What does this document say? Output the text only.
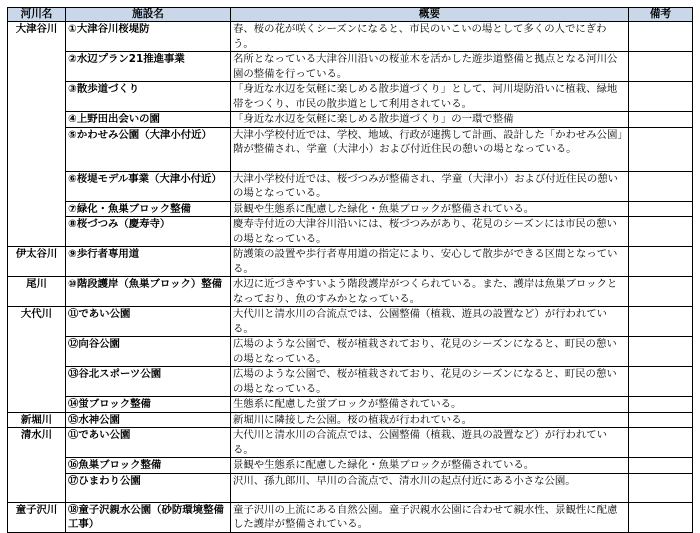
河川名	施設名	概要	備考
大津谷川	①大津谷川桜堤防	春、桜の花が咲くシーズンになると、市民のいこいの場として多くの人でにぎわう。	
	②水辺プラン21推進事業	名所となっている大津谷川沿いの桜並木を活かした遊歩道整備と拠点となる河川公園の整備を行っている。	
	③散歩道づくり	「身近な水辺を気軽に楽しめる散歩道づくり」として、河川堤防沿いに植栽、緑地帯をつくり、市民の散歩道として利用されている。	
	④上野田出会いの園	「身近な水辺を気軽に楽しめる散歩道づくり」の一環で整備	
	⑤かわせみ公園（大津小付近）	大津小学校付近では、学校、地域、行政が連携して計画、設計した「かわせみ公園」階が整備され、学童（大津小）および付近住民の憩いの場となっている。	
	⑥桜堤モデル事業（大津小付近）	大津小学校付近では、桜づつみが整備され、学童（大津小）および付近住民の憩いの場となっている。	
	⑦緑化・魚巣ブロック整備	景観や生態系に配慮した緑化・魚巣ブロックが整備されている。	
	⑧桜づつみ（慶寿寺）	慶寿寺付近の大津谷川沿いには、桜づつみがあり、花見のシーズンには市民の憩いの場となっている。	
伊太谷川	⑨歩行者専用道	防護策の設置や歩行者専用道の指定により、安心して散歩ができる区間となっている。	
尾川	⑩階段護岸（魚巣ブロック）整備	水辺に近づきやすいよう階段護岸がつくられている。また、護岸は魚巣ブロックとなっており、魚のすみかとなっている。	
大代川	⑪であい公園	大代川と清水川の合流点では、公園整備（植栽、遊具の設置など）が行われている。	
	⑫向谷公園	広場のような公園で、桜が植栽されており、花見のシーズンになると、町民の憩いの場となっている。	
	⑬谷北スポーツ公園	広場のような公園で、桜が植栽されており、花見のシーズンになると、町民の憩いの場となっている。	
	⑭蛍ブロック整備	生態系に配慮した蛍ブロックが整備されている。	
新堀川	⑮水神公園	新堀川に隣接した公園。桜の植栽が行われている。	
清水川	⑪であい公園	大代川と清水川の合流点では、公園整備（植栽、遊具の設置など）が行われている。	
	⑯魚巣ブロック整備	景観や生態系に配慮した緑化・魚巣ブロックが整備されている。	
	⑰ひまわり公園	沢川、孫九郎川、早川の合流点で、清水川の起点付近にある小さな公園。	
童子沢川	⑱童子沢親水公園（砂防環境整備工事）	童子沢川の上流にある自然公園。童子沢親水公園に合わせて親水性、景観性に配慮した護岸が整備されている。	
